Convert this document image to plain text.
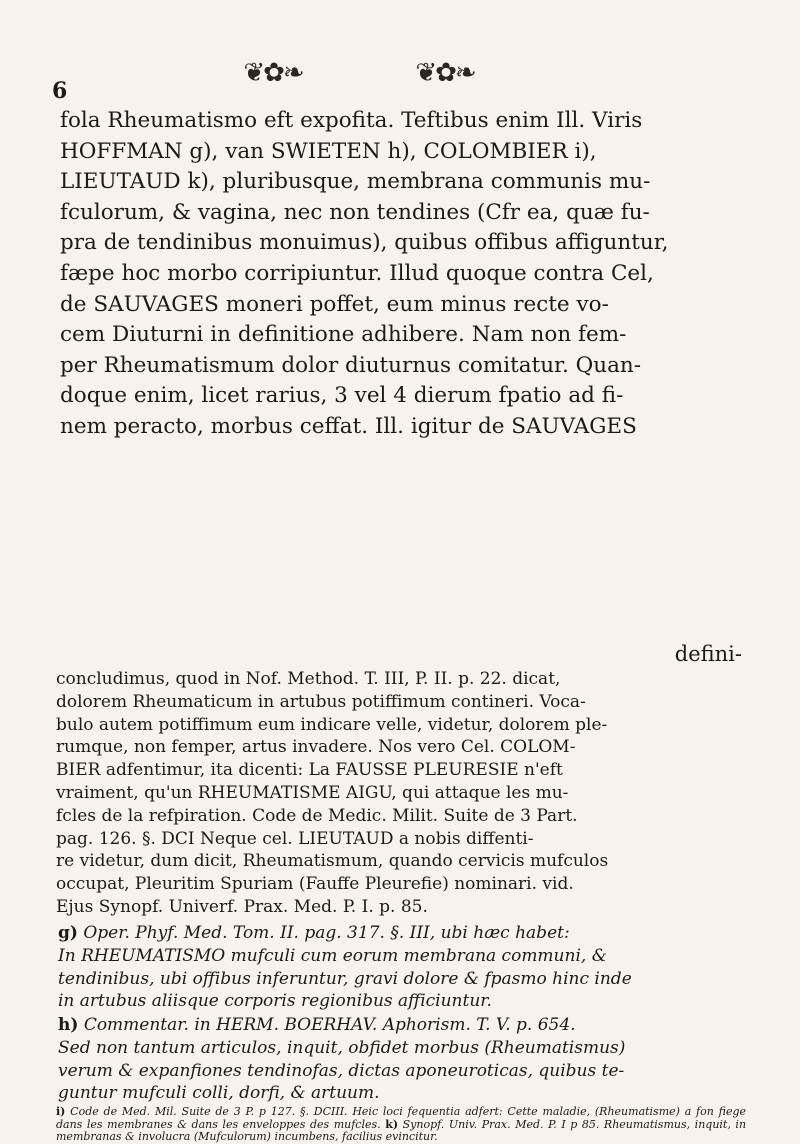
6
❦✿❧	❦✿❧

fola Rheumatismo eft expofita. Teftibus enim Ill. Viris

HOFFMAN g), van SWIETEN h), COLOMBIER i),

LIEUTAUD k), pluribusque, membrana communis mu-

fculorum, & vagina, nec non tendines (Cfr ea, quæ fu-

pra de tendinibus monuimus), quibus offibus affiguntur,

fæpe hoc morbo corripiuntur. Illud quoque contra Cel,

de SAUVAGES moneri poffet, eum minus recte vo-

cem Diuturni in definitione adhibere. Nam non fem-

per Rheumatismum dolor diuturnus comitatur. Quan-

doque enim, licet rarius, 3 vel 4 dierum fpatio ad fi-

nem peracto, morbus ceffat. Ill. igitur de SAUVAGES

defini-

concludimus, quod in Nof. Method. T. III, P. II. p. 22. dicat,

dolorem Rheumaticum in artubus potiffimum contineri. Voca-

bulo autem potiffimum eum indicare velle, videtur, dolorem ple-

rumque, non femper, artus invadere. Nos vero Cel. COLOM-

BIER adfentimur, ita dicenti: La FAUSSE PLEURESIE n'eft

vraiment, qu'un RHEUMATISME AIGU, qui attaque les mu-

fcles de la refpiration. Code de Medic. Milit. Suite de 3 Part.

pag. 126. §. DCI Neque cel. LIEUTAUD a nobis diffenti-

re videtur, dum dicit, Rheumatismum, quando cervicis mufculos

occupat, Pleuritim Spuriam (Fauffe Pleurefie) nominari. vid.

Ejus Synopf. Univerf. Prax. Med. P. I. p. 85.

g) Oper. Phyf. Med. Tom. II. pag. 317. §. III, ubi hæc habet:

In RHEUMATISMO mufculi cum eorum membrana communi, &

tendinibus, ubi offibus inferuntur, gravi dolore & fpasmo hinc inde

in artubus aliisque corporis regionibus afficiuntur.

h) Commentar. in HERM. BOERHAV. Aphorism. T. V. p. 654.

Sed non tantum articulos, inquit, obfidet morbus (Rheumatismus)

verum & expanfiones tendinofas, dictas aponeuroticas, quibus te-

guntur mufculi colli, dorfi, & artuum.

i) Code de Med. Mil. Suite de 3 P. p 127. §. DCIII. Heic loci fequentia adfert: Cette maladie, (Rheumatisme) a fon fiege dans les membranes & dans les enveloppes des mufcles. k) Synopf. Univ. Prax. Med. P. I p 85. Rheumatismus, inquit, in membranas & involucra (Mufculorum) incumbens, facilius evincitur.
